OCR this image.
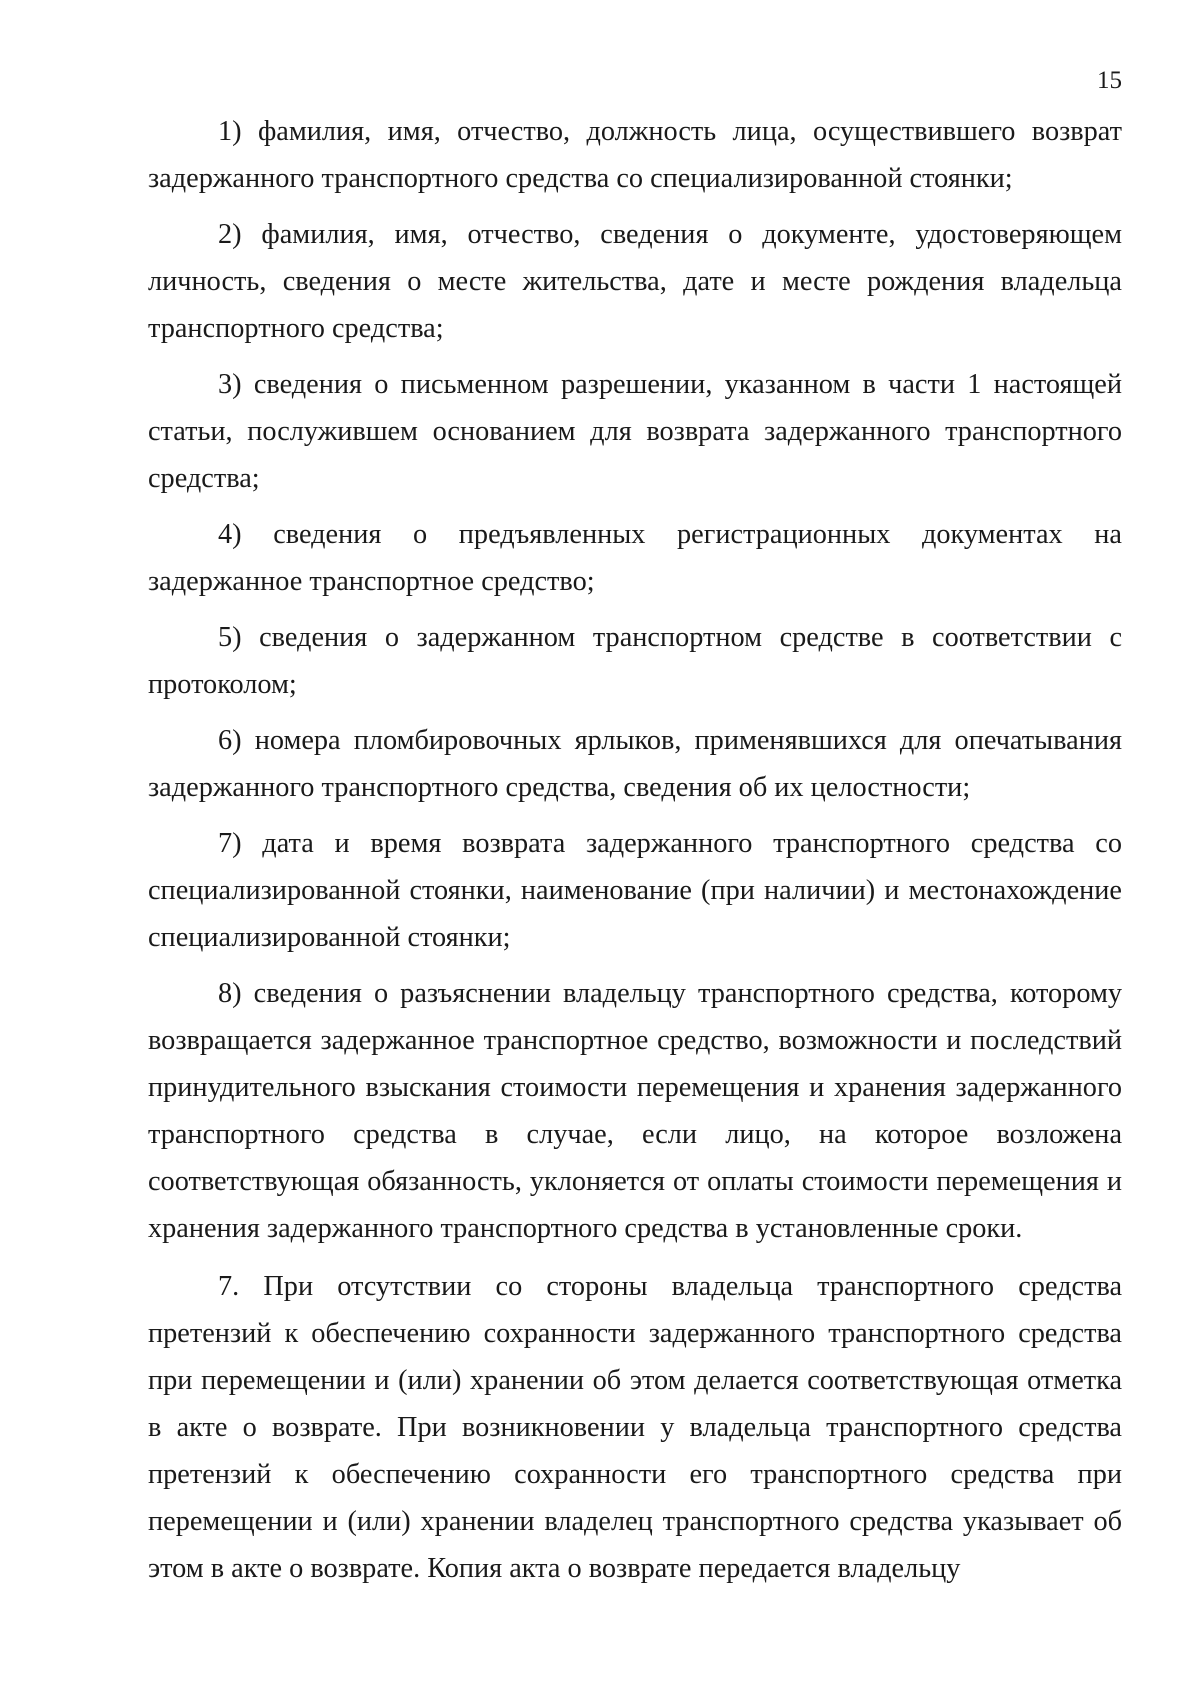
15

1) фамилия, имя, отчество, должность лица, осуществившего возврат задержанного транспортного средства со специализированной стоянки;

2) фамилия, имя, отчество, сведения о документе, удостоверяющем личность, сведения о месте жительства, дате и месте рождения владельца транспортного средства;

3) сведения о письменном разрешении, указанном в части 1 настоящей статьи, послужившем основанием для возврата задержанного транспортного средства;

4) сведения о предъявленных регистрационных документах на задержанное транспортное средство;

5) сведения о задержанном транспортном средстве в соответствии с протоколом;

6) номера пломбировочных ярлыков, применявшихся для опечатывания задержанного транспортного средства, сведения об их целостности;

7) дата и время возврата задержанного транспортного средства со специализированной стоянки, наименование (при наличии) и местонахождение специализированной стоянки;

8) сведения о разъяснении владельцу транспортного средства, которому возвращается задержанное транспортное средство, возможности и последствий принудительного взыскания стоимости перемещения и хранения задержанного транспортного средства в случае, если лицо, на которое возложена соответствующая обязанность, уклоняется от оплаты стоимости перемещения и хранения задержанного транспортного средства в установленные сроки.

7. При отсутствии со стороны владельца транспортного средства претензий к обеспечению сохранности задержанного транспортного средства при перемещении и (или) хранении об этом делается соответствующая отметка в акте о возврате. При возникновении у владельца транспортного средства претензий к обеспечению сохранности его транспортного средства при перемещении и (или) хранении владелец транспортного средства указывает об этом в акте о возврате. Копия акта о возврате передается владельцу
